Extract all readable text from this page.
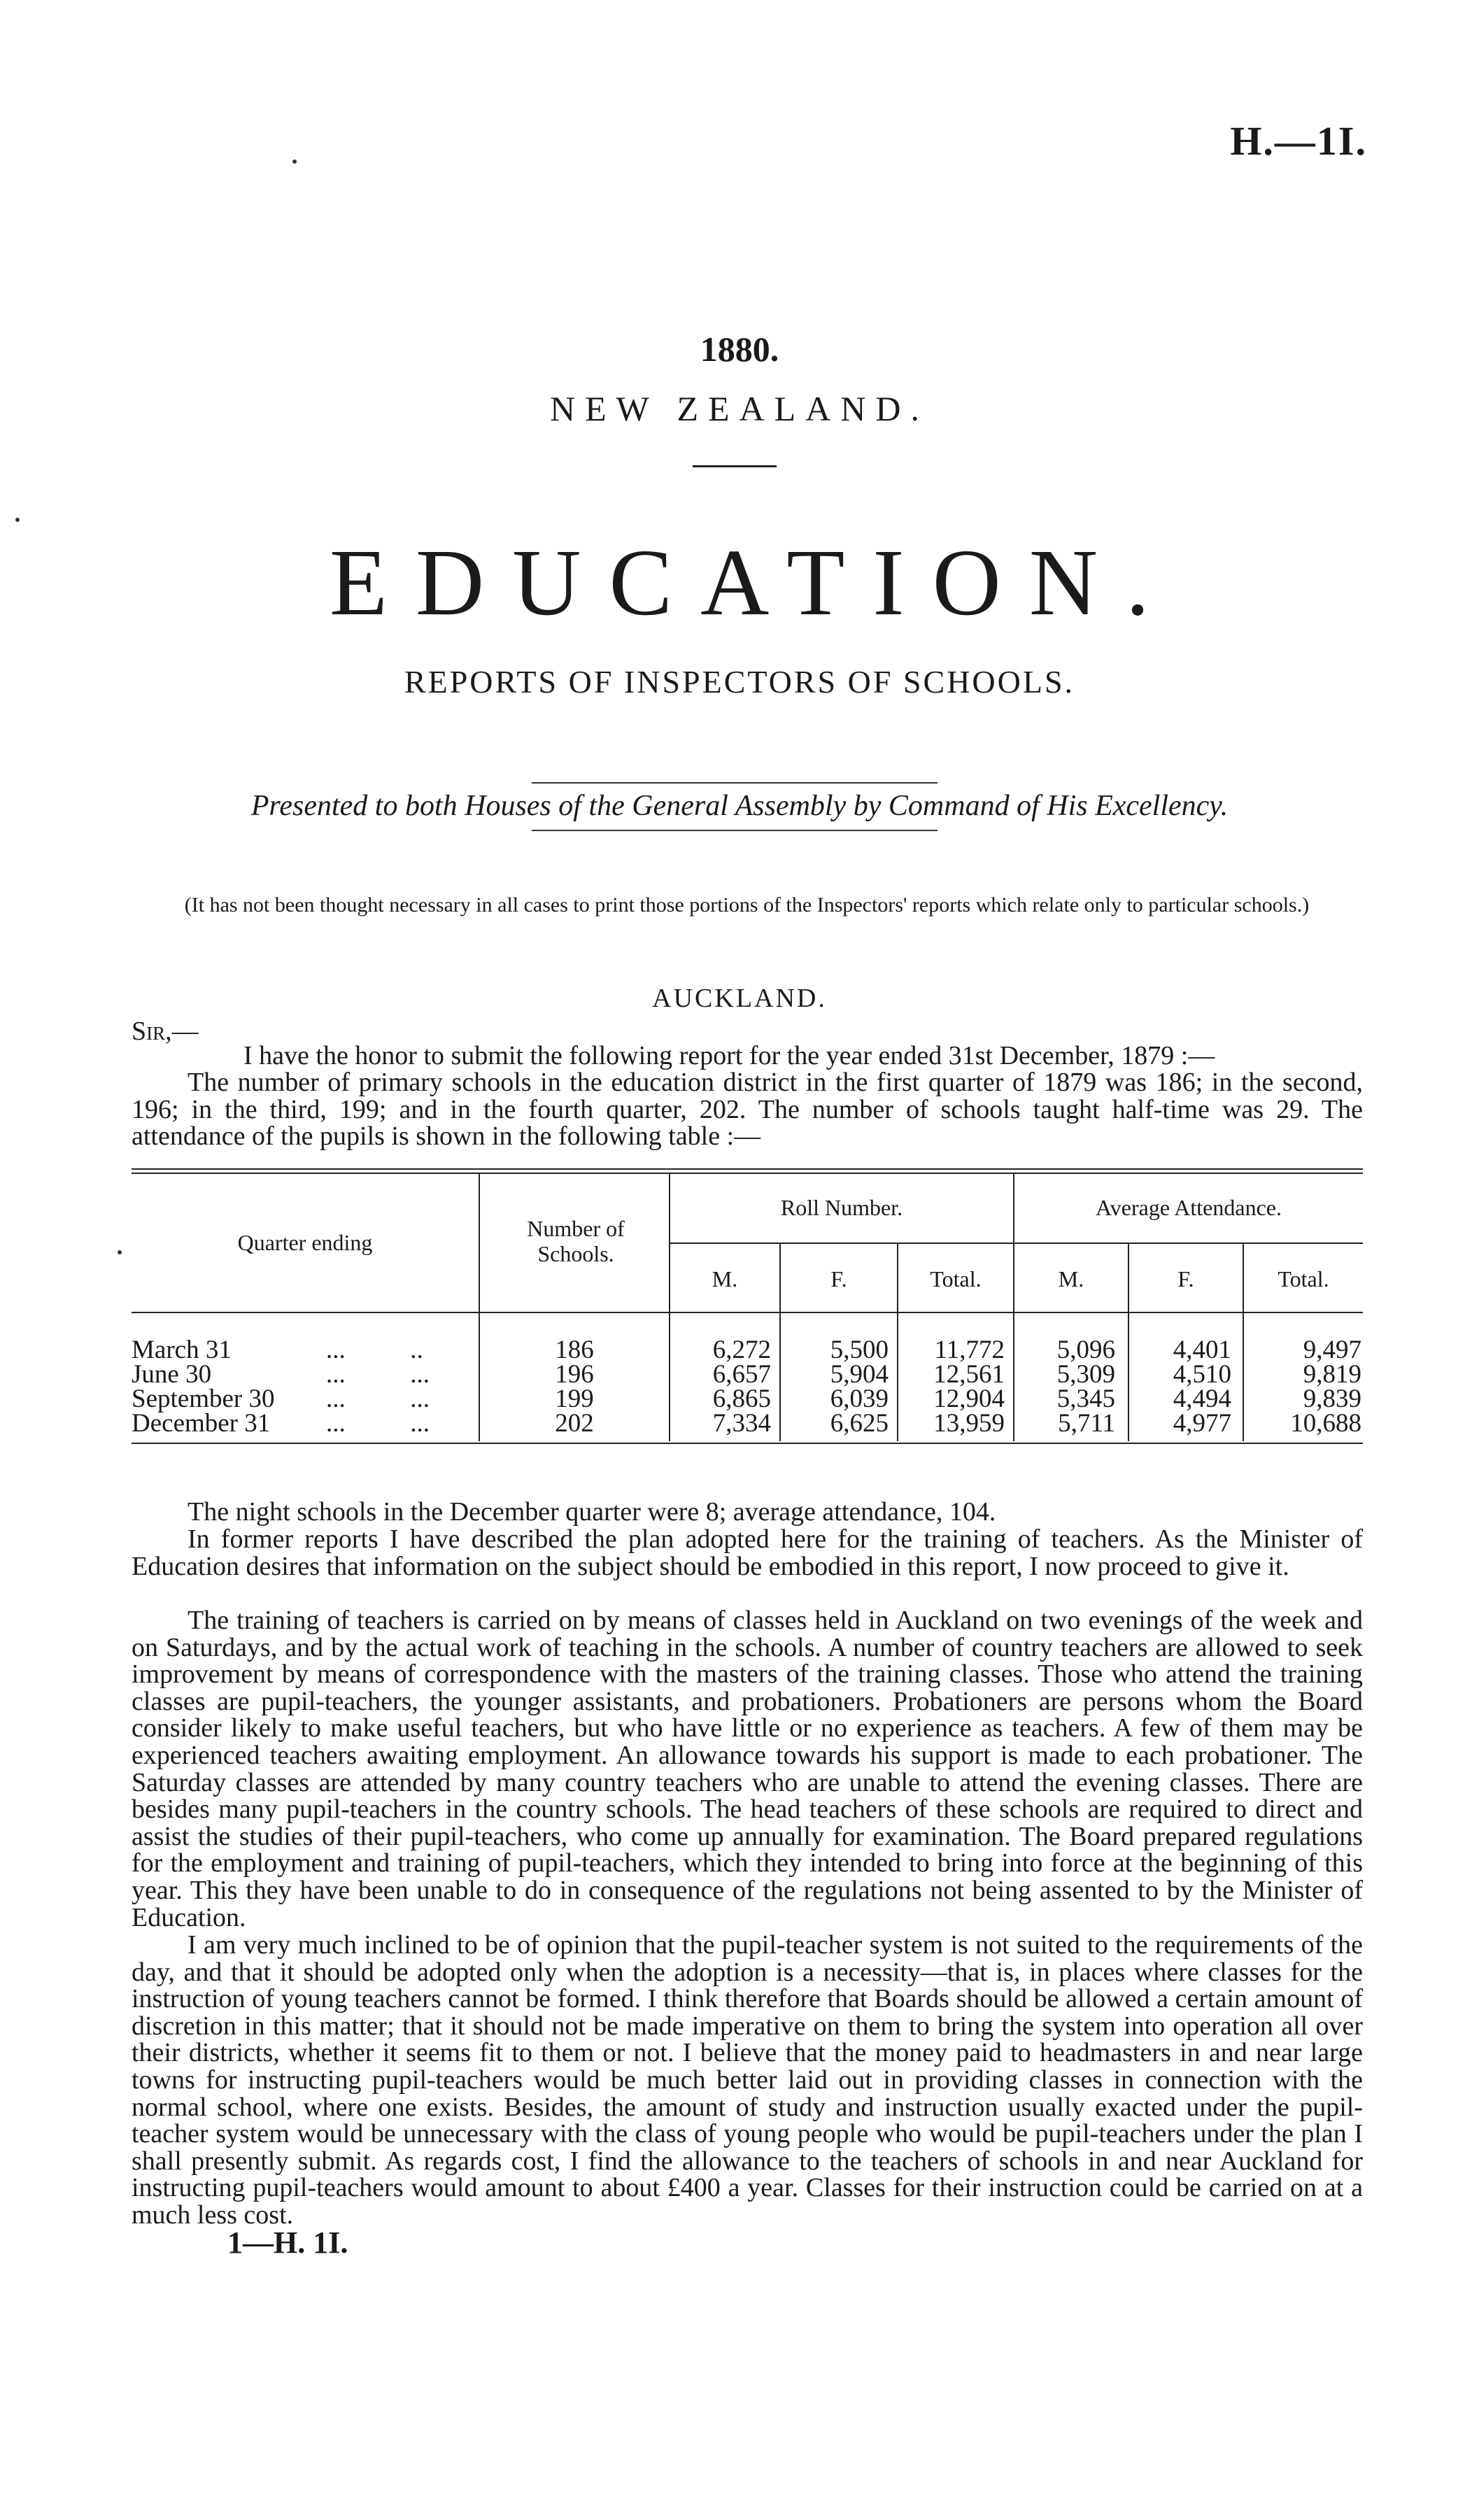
H.—1I.
1880.
NEW ZEALAND.
EDUCATION.
REPORTS OF INSPECTORS OF SCHOOLS.
Presented to both Houses of the General Assembly by Command of His Excellency.
(It has not been thought necessary in all cases to print those portions of the Inspectors' reports which relate only to particular schools.)
AUCKLAND.
Sir,—
I have the honor to submit the following report for the year ended 31st December, 1879 :—
The number of primary schools in the education district in the first quarter of 1879 was 186; in the second, 196; in the third, 199; and in the fourth quarter, 202. The number of schools taught half-time was 29. The attendance of the pupils is shown in the following table :—
Quarter ending
Number of Schools.
Roll Number.	Average Attendance.
M.	F.	Total.	M.	F.	Total.
March 31	...          ..	186	6,272	5,500	11,772	5,096	4,401	9,497
June 30	...          ...	196	6,657	5,904	12,561	5,309	4,510	9,819
September 30 ...          ...	199	6,865	6,039	12,904	5,345	4,494	9,839
December 31 ...          ...	202	7,334	6,625	13,959	5,711	4,977	10,688
The night schools in the December quarter were 8; average attendance, 104.
In former reports I have described the plan adopted here for the training of teachers. As the Minister of Education desires that information on the subject should be embodied in this report, I now proceed to give it.
The training of teachers is carried on by means of classes held in Auckland on two evenings of the week and on Saturdays, and by the actual work of teaching in the schools. A number of country teachers are allowed to seek improvement by means of correspondence with the masters of the training classes. Those who attend the training classes are pupil-teachers, the younger assistants, and probationers. Probationers are persons whom the Board consider likely to make useful teachers, but who have little or no experience as teachers. A few of them may be experienced teachers awaiting employment. An allowance towards his support is made to each probationer. The Saturday classes are attended by many country teachers who are unable to attend the evening classes. There are besides many pupil-teachers in the country schools. The head teachers of these schools are required to direct and assist the studies of their pupil-teachers, who come up annually for examination. The Board prepared regulations for the employment and training of pupil-teachers, which they intended to bring into force at the beginning of this year. This they have been unable to do in consequence of the regulations not being assented to by the Minister of Education.
I am very much inclined to be of opinion that the pupil-teacher system is not suited to the requirements of the day, and that it should be adopted only when the adoption is a necessity—that is, in places where classes for the instruction of young teachers cannot be formed. I think therefore that Boards should be allowed a certain amount of discretion in this matter; that it should not be made imperative on them to bring the system into operation all over their districts, whether it seems fit to them or not. I believe that the money paid to headmasters in and near large towns for instructing pupil-teachers would be much better laid out in providing classes in connection with the normal school, where one exists. Besides, the amount of study and instruction usually exacted under the pupil-teacher system would be unnecessary with the class of young people who would be pupil-teachers under the plan I shall presently submit. As regards cost, I find the allowance to the teachers of schools in and near Auckland for instructing pupil-teachers would amount to about £400 a year. Classes for their instruction could be carried on at a much less cost.
1—H. 1I.
